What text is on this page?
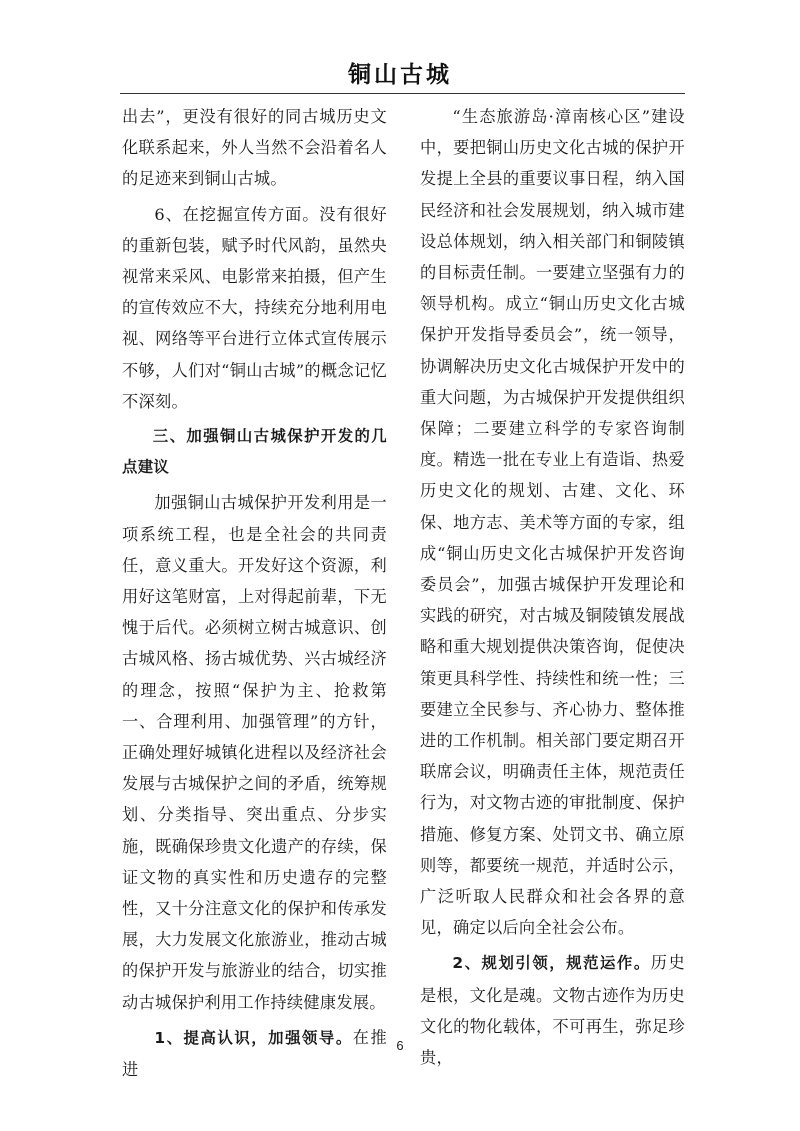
铜山古城

出去”，更没有很好的同古城历史文化联系起来，外人当然不会沿着名人的足迹来到铜山古城。

6、在挖掘宣传方面。没有很好的重新包装，赋予时代风韵，虽然央视常来采风、电影常来拍摄，但产生的宣传效应不大，持续充分地利用电视、网络等平台进行立体式宣传展示不够，人们对“铜山古城”的概念记忆不深刻。

三、加强铜山古城保护开发的几点建议

加强铜山古城保护开发利用是一项系统工程，也是全社会的共同责任，意义重大。开发好这个资源，利用好这笔财富，上对得起前辈，下无愧于后代。必须树立树古城意识、创古城风格、扬古城优势、兴古城经济的理念，按照“保护为主、抢救第一、合理利用、加强管理”的方针，正确处理好城镇化进程以及经济社会发展与古城保护之间的矛盾，统筹规划、分类指导、突出重点、分步实施，既确保珍贵文化遗产的存续，保证文物的真实性和历史遗存的完整性，又十分注意文化的保护和传承发展，大力发展文化旅游业，推动古城的保护开发与旅游业的结合，切实推动古城保护利用工作持续健康发展。

1、提高认识，加强领导。在推进

“生态旅游岛·漳南核心区”建设中，要把铜山历史文化古城的保护开发提上全县的重要议事日程，纳入国民经济和社会发展规划，纳入城市建设总体规划，纳入相关部门和铜陵镇的目标责任制。一要建立坚强有力的领导机构。成立“铜山历史文化古城保护开发指导委员会”，统一领导，协调解决历史文化古城保护开发中的重大问题，为古城保护开发提供组织保障；二要建立科学的专家咨询制度。精选一批在专业上有造诣、热爱历史文化的规划、古建、文化、环保、地方志、美术等方面的专家，组成“铜山历史文化古城保护开发咨询委员会”，加强古城保护开发理论和实践的研究，对古城及铜陵镇发展战略和重大规划提供决策咨询，促使决策更具科学性、持续性和统一性；三要建立全民参与、齐心协力、整体推进的工作机制。相关部门要定期召开联席会议，明确责任主体，规范责任行为，对文物古迹的审批制度、保护措施、修复方案、处罚文书、确立原则等，都要统一规范，并适时公示，广泛听取人民群众和社会各界的意见，确定以后向全社会公布。

2、规划引领，规范运作。历史是根，文化是魂。文物古迹作为历史文化的物化载体，不可再生，弥足珍贵，

6
